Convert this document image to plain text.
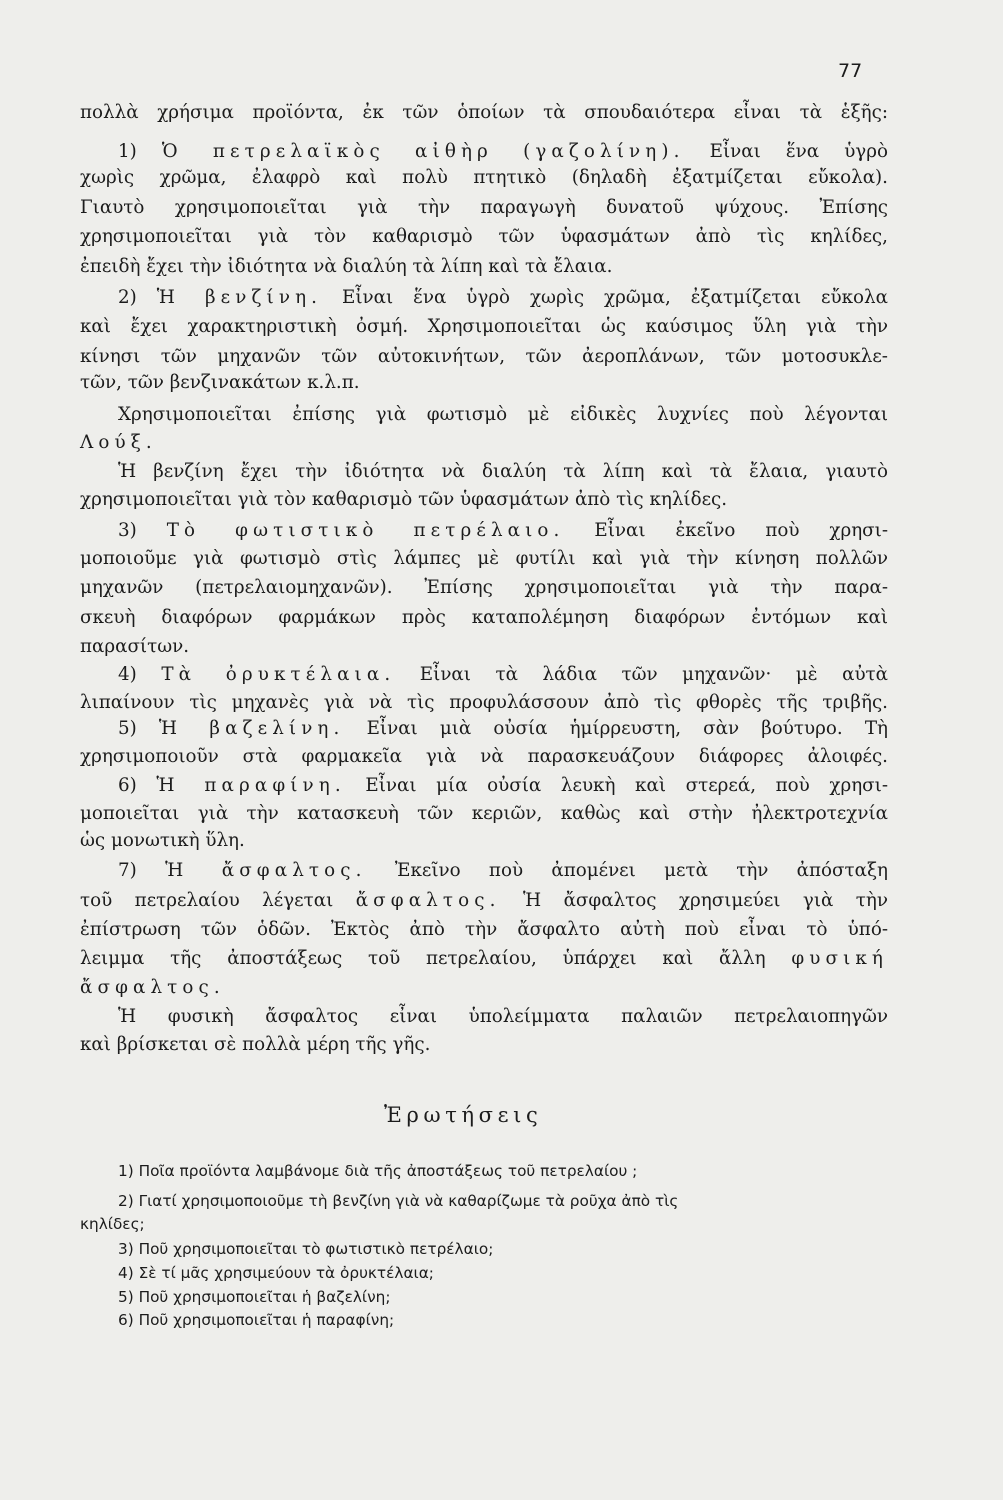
77
πολλὰ χρήσιμα προϊόντα, ἐκ τῶν ὁποίων τὰ σπουδαιότερα εἶναι τὰ ἑξῆς:
1) Ὁ πετρελαϊκὸς αἰθὴρ (γαζολίνη). Εἶναι ἕνα ὑγρὸ
χωρὶς χρῶμα, ἐλαφρὸ καὶ πολὺ πτητικὸ (δηλαδὴ ἐξατμίζεται εὔκολα).
Γιαυτὸ χρησιμοποιεῖται γιὰ τὴν παραγωγὴ δυνατοῦ ψύχους. Ἐπίσης
χρησιμοποιεῖται γιὰ τὸν καθαρισμὸ τῶν ὑφασμάτων ἀπὸ τὶς κηλίδες,
ἐπειδὴ ἔχει τὴν ἰδιότητα νὰ διαλύη τὰ λίπη καὶ τὰ ἔλαια.
2) Ἡ βενζίνη. Εἶναι ἕνα ὑγρὸ χωρὶς χρῶμα, ἐξατμίζεται εὔκολα
καὶ ἔχει χαρακτηριστικὴ ὀσμή. Χρησιμοποιεῖται ὡς καύσιμος ὕλη γιὰ τὴν
κίνησι τῶν μηχανῶν τῶν αὐτοκινήτων, τῶν ἀεροπλάνων, τῶν μοτοσυκλε-
τῶν, τῶν βενζινακάτων κ.λ.π.
Χρησιμοποιεῖται ἐπίσης γιὰ φωτισμὸ μὲ εἰδικὲς λυχνίες ποὺ λέγονται
Λούξ.
Ἡ βενζίνη ἔχει τὴν ἰδιότητα νὰ διαλύη τὰ λίπη καὶ τὰ ἔλαια, γιαυτὸ
χρησιμοποιεῖται γιὰ τὸν καθαρισμὸ τῶν ὑφασμάτων ἀπὸ τὶς κηλίδες.
3) Τὸ φωτιστικὸ πετρέλαιο. Εἶναι ἐκεῖνο ποὺ χρησι-
μοποιοῦμε γιὰ φωτισμὸ στὶς λάμπες μὲ φυτίλι καὶ γιὰ τὴν κίνηση πολλῶν
μηχανῶν (πετρελαιομηχανῶν). Ἐπίσης χρησιμοποιεῖται γιὰ τὴν παρα-
σκευὴ διαφόρων φαρμάκων πρὸς καταπολέμηση διαφόρων ἐντόμων καὶ
παρασίτων.
4) Τὰ ὀρυκτέλαια. Εἶναι τὰ λάδια τῶν μηχανῶν· μὲ αὐτὰ
λιπαίνουν τὶς μηχανὲς γιὰ νὰ τὶς προφυλάσσουν ἀπὸ τὶς φθορὲς τῆς τριβῆς.
5) Ἡ βαζελίνη. Εἶναι μιὰ οὐσία ἡμίρρευστη, σὰν βούτυρο. Τὴ
χρησιμοποιοῦν στὰ φαρμακεῖα γιὰ νὰ παρασκευάζουν διάφορες ἀλοιφές.
6) Ἡ παραφίνη. Εἶναι μία οὐσία λευκὴ καὶ στερεά, ποὺ χρησι-
μοποιεῖται γιὰ τὴν κατασκευὴ τῶν κεριῶν, καθὼς καὶ στὴν ἠλεκτροτεχνία
ὡς μονωτικὴ ὕλη.
7) Ἡ ἄσφαλτος. Ἐκεῖνο ποὺ ἀπομένει μετὰ τὴν ἀπόσταξη
τοῦ πετρελαίου λέγεται ἄσφαλτος. Ἡ ἄσφαλτος χρησιμεύει γιὰ τὴν
ἐπίστρωση τῶν ὁδῶν. Ἐκτὸς ἀπὸ τὴν ἄσφαλτο αὐτὴ ποὺ εἶναι τὸ ὑπό-
λειμμα τῆς ἀποστάξεως τοῦ πετρελαίου, ὑπάρχει καὶ ἄλλη φυσική
ἄσφαλτος.
Ἡ φυσικὴ ἄσφαλτος εἶναι ὑπολείμματα παλαιῶν πετρελαιοπηγῶν
καὶ βρίσκεται σὲ πολλὰ μέρη τῆς γῆς.
Ἐρωτήσεις
1) Ποῖα προϊόντα λαμβάνομε διὰ τῆς ἀποστάξεως τοῦ πετρελαίου ;
2) Γιατί χρησιμοποιοῦμε τὴ βενζίνη γιὰ νὰ καθαρίζωμε τὰ ροῦχα ἀπὸ τὶς
κηλίδες;
3) Ποῦ χρησιμοποιεῖται τὸ φωτιστικὸ πετρέλαιο;
4) Σὲ τί μᾶς χρησιμεύουν τὰ ὀρυκτέλαια;
5) Ποῦ χρησιμοποιεῖται ἡ βαζελίνη;
6) Ποῦ χρησιμοποιεῖται ἡ παραφίνη;
